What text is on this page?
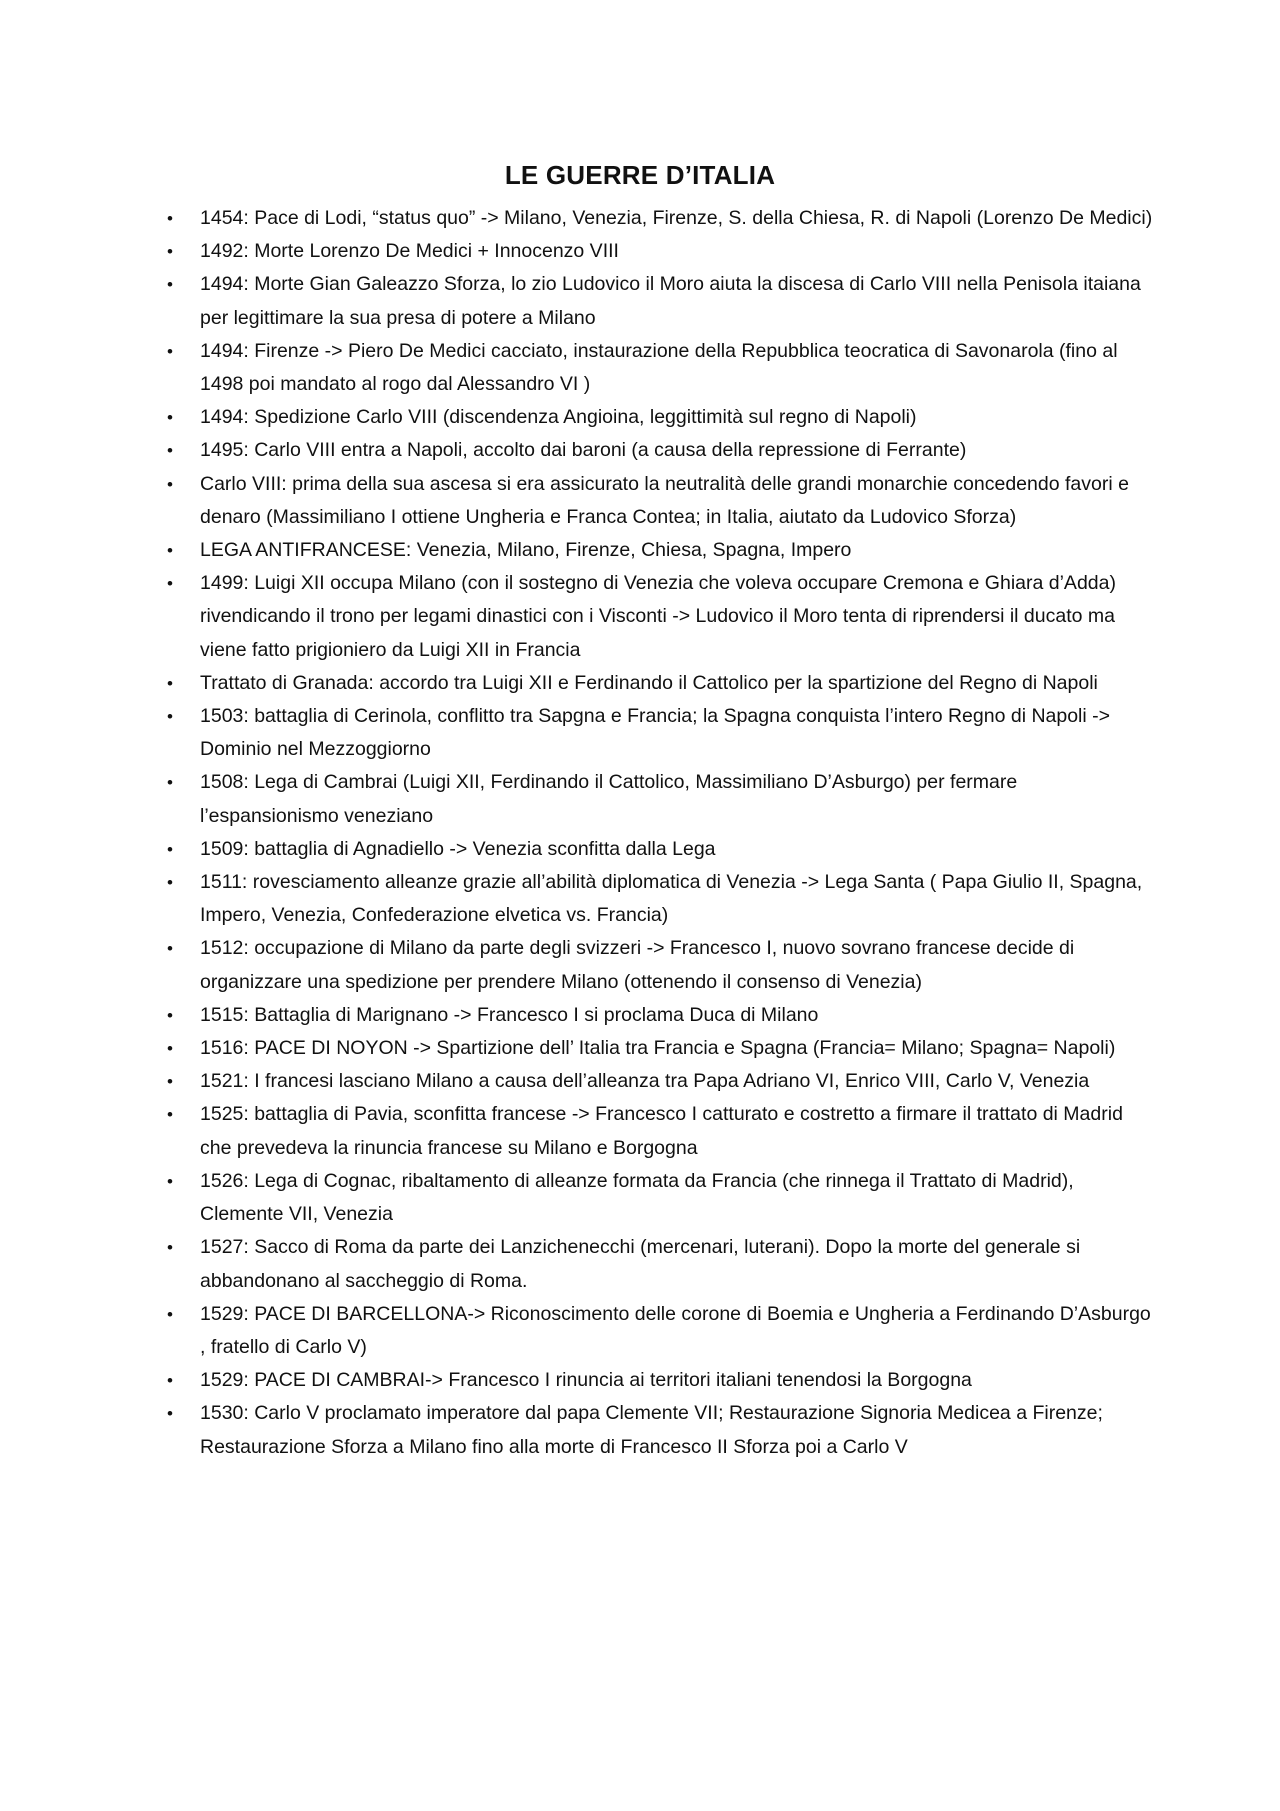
LE GUERRE D’ITALIA
• 1454: Pace di Lodi, “status quo” -> Milano, Venezia, Firenze, S. della Chiesa, R. di Napoli (Lorenzo De Medici)
• 1492: Morte Lorenzo De Medici + Innocenzo VIII
• 1494: Morte Gian Galeazzo Sforza, lo zio Ludovico il Moro aiuta la discesa di Carlo VIII nella Penisola itaiana per legittimare la sua presa di potere a Milano
• 1494: Firenze -> Piero De Medici cacciato, instaurazione della Repubblica teocratica di Savonarola (fino al 1498 poi mandato al rogo dal Alessandro VI )
• 1494: Spedizione Carlo VIII (discendenza Angioina, leggittimità sul regno di Napoli)
• 1495: Carlo VIII entra a Napoli, accolto dai baroni (a causa della repressione di Ferrante)
• Carlo VIII: prima della sua ascesa si era assicurato la neutralità delle grandi monarchie concedendo favori e denaro (Massimiliano I ottiene Ungheria e Franca Contea; in Italia, aiutato da Ludovico Sforza)
• LEGA ANTIFRANCESE: Venezia, Milano, Firenze, Chiesa, Spagna, Impero
• 1499: Luigi XII occupa Milano (con il sostegno di Venezia che voleva occupare Cremona e Ghiara d’Adda) rivendicando il trono per legami dinastici con i Visconti -> Ludovico il Moro tenta di riprendersi il ducato ma viene fatto prigioniero da Luigi XII in Francia
• Trattato di Granada: accordo tra Luigi XII e Ferdinando il Cattolico per la spartizione del Regno di Napoli
• 1503: battaglia di Cerinola, conflitto tra Sapgna e Francia; la Spagna conquista l’intero Regno di Napoli -> Dominio nel Mezzoggiorno
• 1508: Lega di Cambrai (Luigi XII, Ferdinando il Cattolico, Massimiliano D’Asburgo) per fermare l’espansionismo veneziano
• 1509: battaglia di Agnadiello -> Venezia sconfitta dalla Lega
• 1511: rovesciamento alleanze grazie all’abilità diplomatica di Venezia -> Lega Santa ( Papa Giulio II, Spagna, Impero, Venezia, Confederazione elvetica vs. Francia)
• 1512: occupazione di Milano da parte degli svizzeri -> Francesco I, nuovo sovrano francese decide di organizzare una spedizione per prendere Milano (ottenendo il consenso di Venezia)
• 1515: Battaglia di Marignano -> Francesco I si proclama Duca di Milano
• 1516: PACE DI NOYON -> Spartizione dell’ Italia tra Francia e Spagna (Francia= Milano; Spagna= Napoli)
• 1521: I francesi lasciano Milano a causa dell’alleanza tra Papa Adriano VI, Enrico VIII, Carlo V, Venezia
• 1525: battaglia di Pavia, sconfitta francese -> Francesco I catturato e costretto a firmare il trattato di Madrid che prevedeva la rinuncia francese su Milano e Borgogna
• 1526: Lega di Cognac, ribaltamento di alleanze formata da Francia (che rinnega il Trattato di Madrid), Clemente VII, Venezia
• 1527: Sacco di Roma da parte dei Lanzichenecchi (mercenari, luterani). Dopo la morte del generale si abbandonano al saccheggio di Roma.
• 1529: PACE DI BARCELLONA-> Riconoscimento delle corone di Boemia e Ungheria a Ferdinando D’Asburgo , fratello di Carlo V)
• 1529: PACE DI CAMBRAI-> Francesco I rinuncia ai territori italiani tenendosi la Borgogna
• 1530: Carlo V proclamato imperatore dal papa Clemente VII; Restaurazione Signoria Medicea a Firenze; Restaurazione Sforza a Milano fino alla morte di Francesco II Sforza poi a Carlo V
